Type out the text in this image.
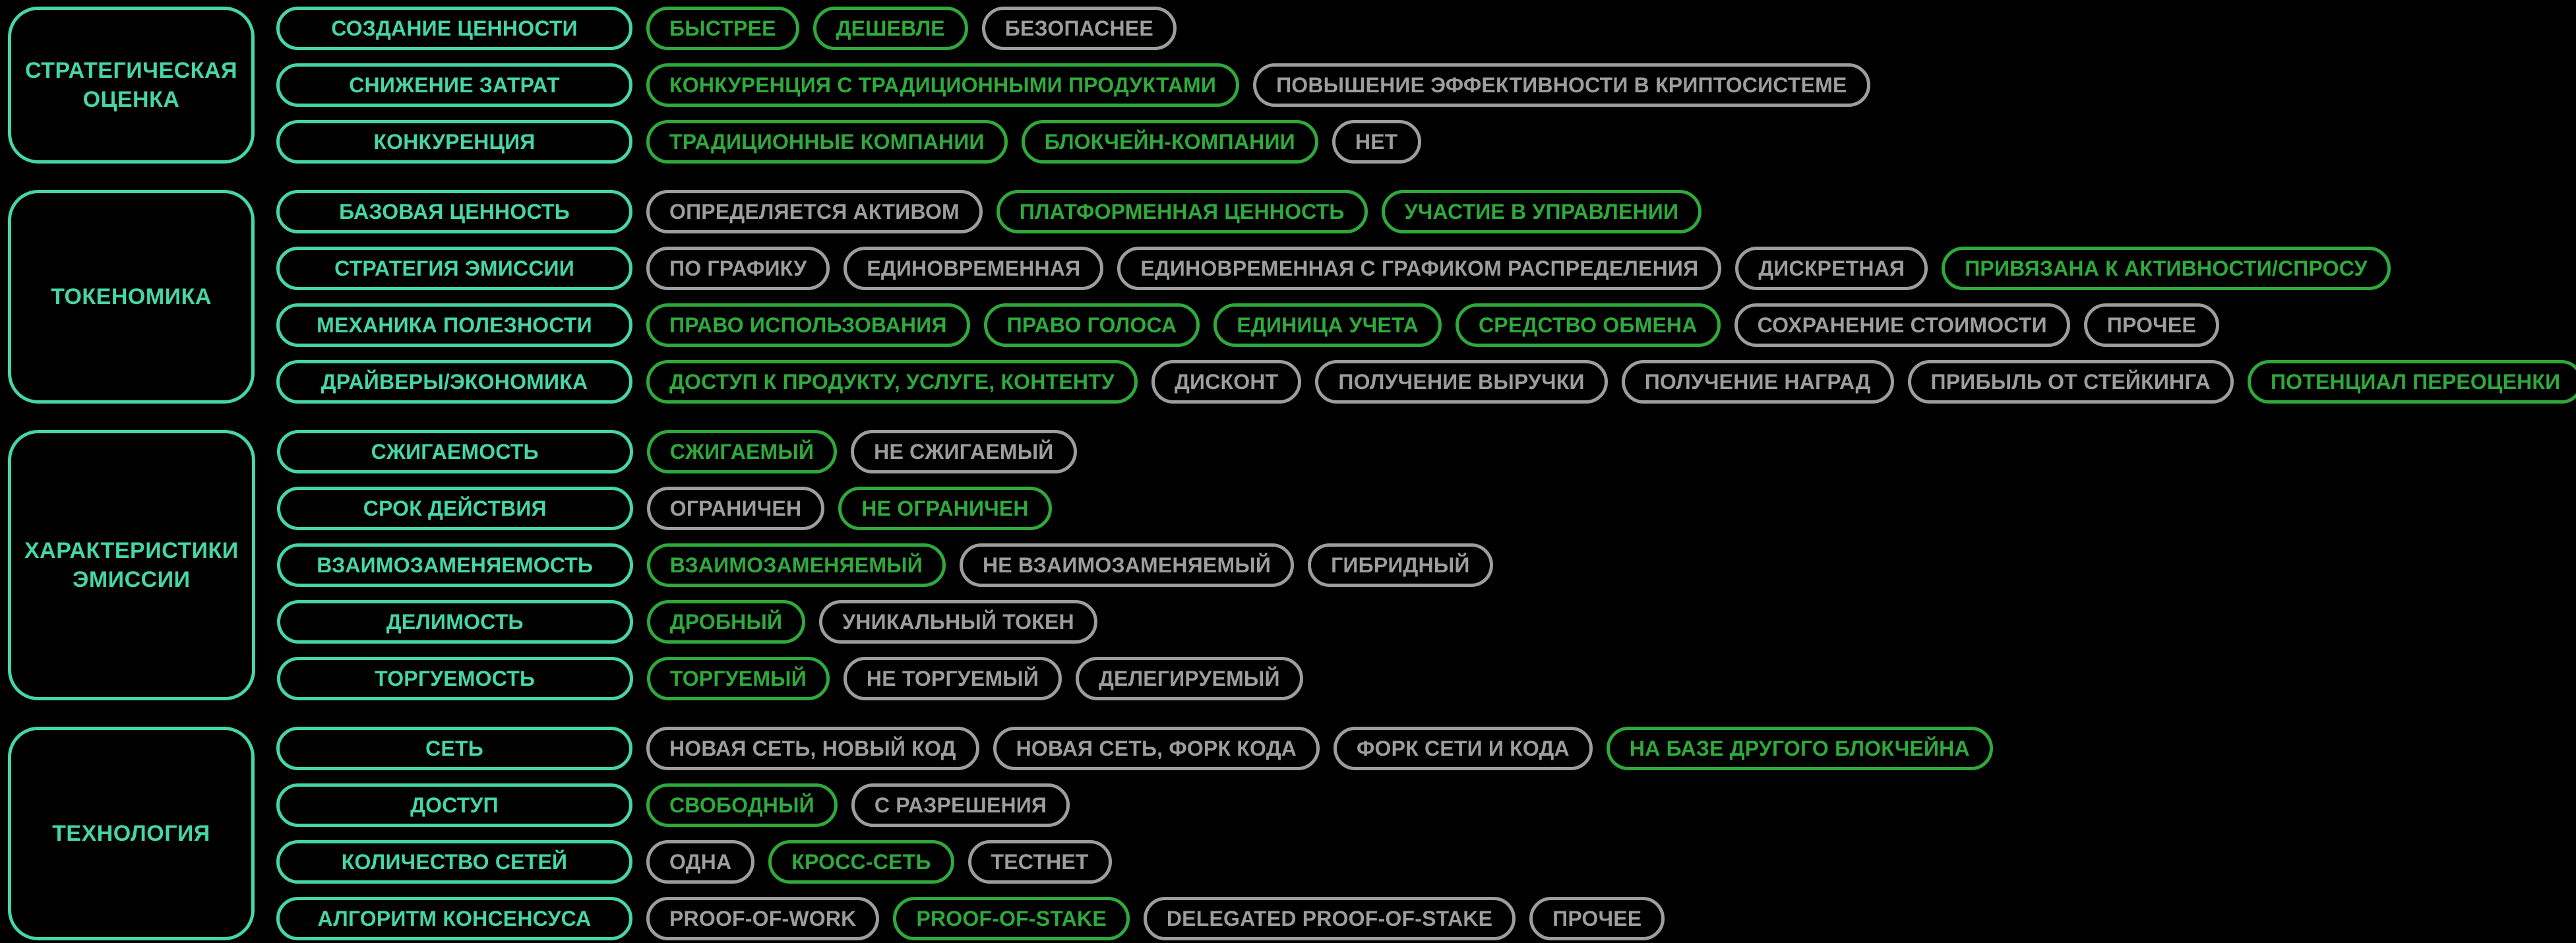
СТРАТЕГИЧЕСКАЯ ОЦЕНКА
СОЗДАНИЕ ЦЕННОСТИ	БЫСТРЕЕ	ДЕШЕВЛЕ	БЕЗОПАСНЕЕ
СНИЖЕНИЕ ЗАТРАТ	КОНКУРЕНЦИЯ С ТРАДИЦИОННЫМИ ПРОДУКТАМИ	ПОВЫШЕНИЕ ЭФФЕКТИВНОСТИ В КРИПТОСИСТЕМЕ
КОНКУРЕНЦИЯ	ТРАДИЦИОННЫЕ КОМПАНИИ	БЛОКЧЕЙН-КОМПАНИИ	НЕТ
ТОКЕНОМИКА
БАЗОВАЯ ЦЕННОСТЬ	ОПРЕДЕЛЯЕТСЯ АКТИВОМ	ПЛАТФОРМЕННАЯ ЦЕННОСТЬ	УЧАСТИЕ В УПРАВЛЕНИИ
СТРАТЕГИЯ ЭМИССИИ	ПО ГРАФИКУ	ЕДИНОВРЕМЕННАЯ	ЕДИНОВРЕМЕННАЯ С ГРАФИКОМ РАСПРЕДЕЛЕНИЯ	ДИСКРЕТНАЯ	ПРИВЯЗАНА К АКТИВНОСТИ/СПРОСУ
МЕХАНИКА ПОЛЕЗНОСТИ	ПРАВО ИСПОЛЬЗОВАНИЯ	ПРАВО ГОЛОСА	ЕДИНИЦА УЧЕТА	СРЕДСТВО ОБМЕНА	СОХРАНЕНИЕ СТОИМОСТИ	ПРОЧЕЕ
ДРАЙВЕРЫ/ЭКОНОМИКА	ДОСТУП К ПРОДУКТУ, УСЛУГЕ, КОНТЕНТУ	ДИСКОНТ	ПОЛУЧЕНИЕ ВЫРУЧКИ	ПОЛУЧЕНИЕ НАГРАД	ПРИБЫЛЬ ОТ СТЕЙКИНГА	ПОТЕНЦИАЛ ПЕРЕОЦЕНКИ
ХАРАКТЕРИСТИКИ ЭМИССИИ
СЖИГАЕМОСТЬ	СЖИГАЕМЫЙ	НЕ СЖИГАЕМЫЙ
СРОК ДЕЙСТВИЯ	ОГРАНИЧЕН	НЕ ОГРАНИЧЕН
ВЗАИМОЗАМЕНЯЕМОСТЬ	ВЗАИМОЗАМЕНЯЕМЫЙ	НЕ ВЗАИМОЗАМЕНЯЕМЫЙ	ГИБРИДНЫЙ
ДЕЛИМОСТЬ	ДРОБНЫЙ	УНИКАЛЬНЫЙ ТОКЕН
ТОРГУЕМОСТЬ	ТОРГУЕМЫЙ	НЕ ТОРГУЕМЫЙ	ДЕЛЕГИРУЕМЫЙ
ТЕХНОЛОГИЯ
СЕТЬ	НОВАЯ СЕТЬ, НОВЫЙ КОД	НОВАЯ СЕТЬ, ФОРК КОДА	ФОРК СЕТИ И КОДА	НА БАЗЕ ДРУГОГО БЛОКЧЕЙНА
ДОСТУП	СВОБОДНЫЙ	С РАЗРЕШЕНИЯ
КОЛИЧЕСТВО СЕТЕЙ	ОДНА	КРОСС-СЕТЬ	ТЕСТНЕТ
АЛГОРИТМ КОНСЕНСУСА	PROOF-OF-WORK	PROOF-OF-STAKE	DELEGATED PROOF-OF-STAKE	ПРОЧЕЕ
